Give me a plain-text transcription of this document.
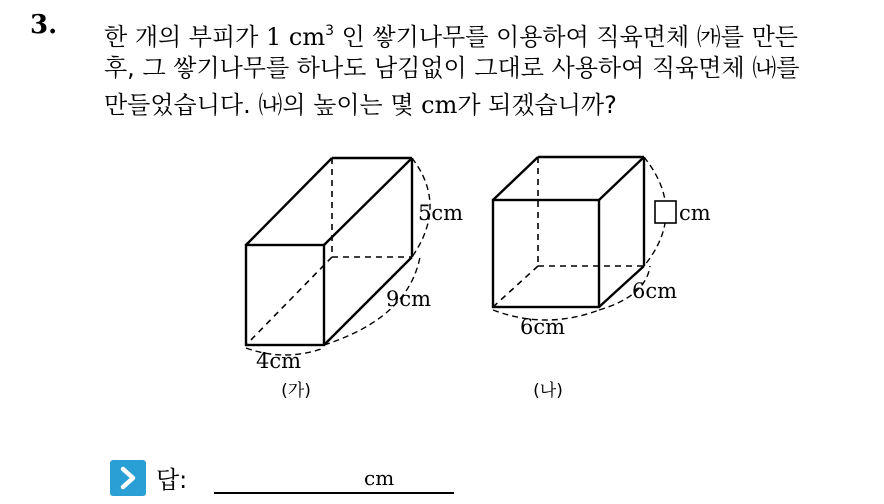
3. 한 개의 부피가 1 $cm^3$ 인 쌓기나무를 이용하여 직육면체 ㈎를 만든
후, 그 쌓기나무를 하나도 남김없이 그대로 사용하여 직육면체 ㈏를
만들었습니다. ㈏의 높이는 몇 cm가 되겠습니까?
5cm
9cm
4cm
(가)
cm
6cm
6cm
(나)
답:	cm
